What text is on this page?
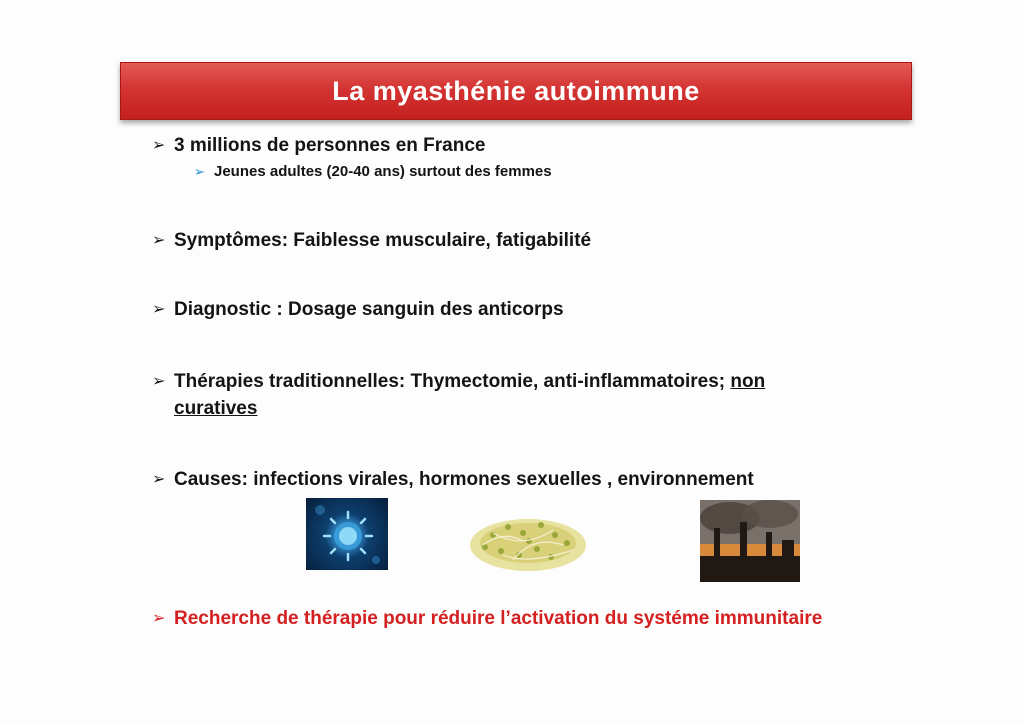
La myasthénie autoimmune
➢ 3 millions de personnes en France
➢ Jeunes adultes (20-40 ans) surtout des femmes
➢ Symptômes: Faiblesse musculaire, fatigabilité
➢ Diagnostic : Dosage sanguin des anticorps
➢ Thérapies traditionnelles: Thymectomie, anti-inflammatoires; non
curatives
➢ Causes: infections virales, hormones sexuelles , environnement
➢ Recherche de thérapie pour réduire l’activation du systéme immunitaire
